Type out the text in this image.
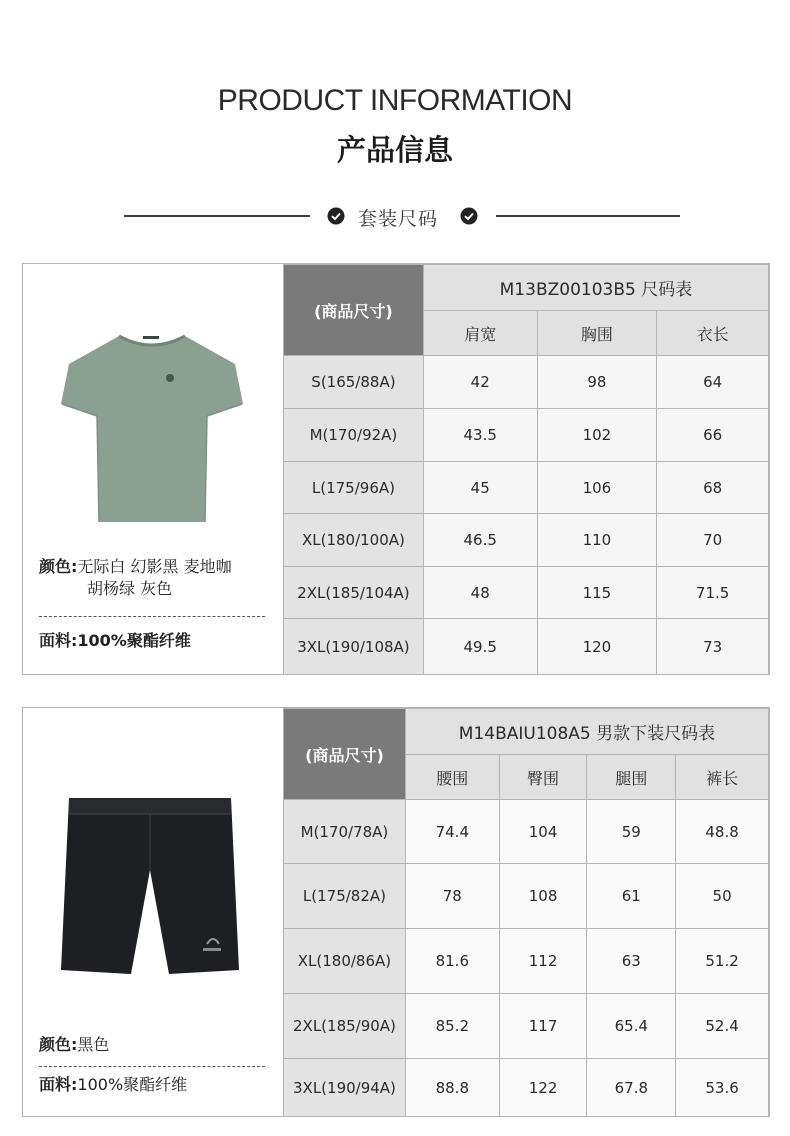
PRODUCT INFORMATION
产品信息
套装尺码
颜色:无际白 幻影黑 麦地咖
胡杨绿 灰色
面料:100%聚酯纤维
(商品尺寸)	M13BZ00103B5 尺码表		
	肩宽	胸围	衣长
S(165/88A)	42	98	64
M(170/92A)	43.5	102	66
L(175/96A)	45	106	68
XL(180/100A)	46.5	110	70
2XL(185/104A)	48	115	71.5
3XL(190/108A)	49.5	120	73
颜色:黑色
面料:100%聚酯纤维
(商品尺寸)	M14BAIU108A5 男款下装尺码表			
	腰围	臀围	腿围	裤长
M(170/78A)	74.4	104	59	48.8
L(175/82A)	78	108	61	50
XL(180/86A)	81.6	112	63	51.2
2XL(185/90A)	85.2	117	65.4	52.4
3XL(190/94A)	88.8	122	67.8	53.6
